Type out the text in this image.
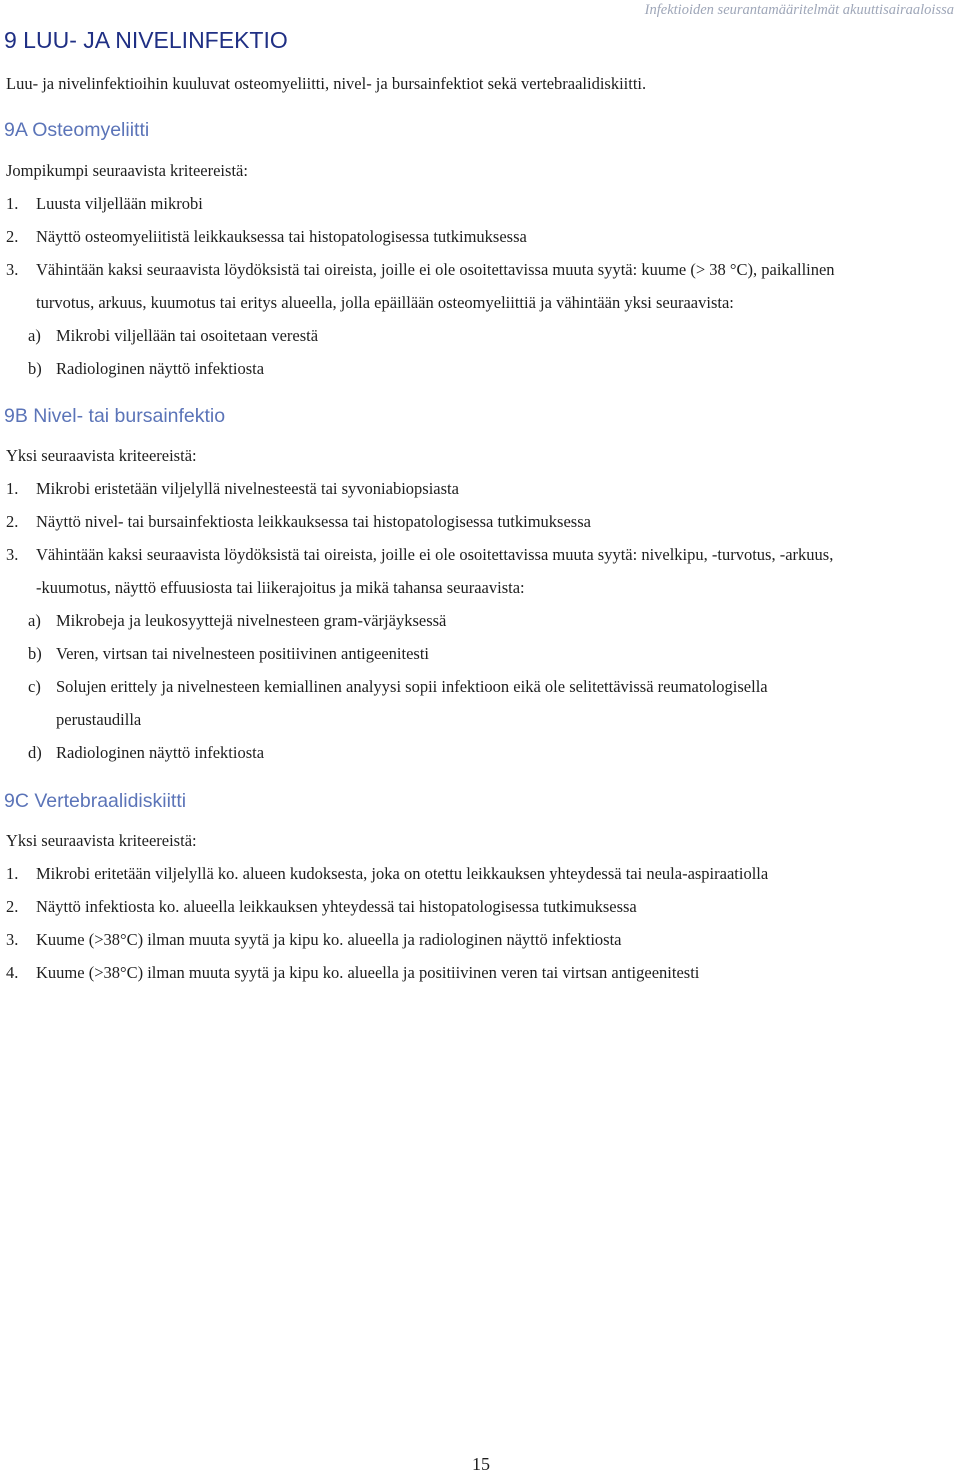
Infektioiden seurantamääritelmät akuuttisairaaloissa
9 LUU- JA NIVELINFEKTIO
Luu- ja nivelinfektioihin kuuluvat osteomyeliitti, nivel- ja bursainfektiot sekä vertebraalidiskiitti.
9A Osteomyeliitti
Jompikumpi seuraavista kriteereistä:
1. Luusta viljellään mikrobi
2. Näyttö osteomyeliitistä leikkauksessa tai histopatologisessa tutkimuksessa
3. Vähintään kaksi seuraavista löydöksistä tai oireista, joille ei ole osoitettavissa muuta syytä: kuume (> 38 °C), paikallinen
turvotus, arkuus, kuumotus tai eritys alueella, jolla epäillään osteomyeliittiä ja vähintään yksi seuraavista:
a) Mikrobi viljellään tai osoitetaan verestä
b) Radiologinen näyttö infektiosta
9B Nivel- tai bursainfektio
Yksi seuraavista kriteereistä:
1. Mikrobi eristetään viljelyllä nivelnesteestä tai syvoniabiopsiasta
2. Näyttö nivel- tai bursainfektiosta leikkauksessa tai histopatologisessa tutkimuksessa
3. Vähintään kaksi seuraavista löydöksistä tai oireista, joille ei ole osoitettavissa muuta syytä: nivelkipu, -turvotus, -arkuus,
-kuumotus, näyttö effuusiosta tai liikerajoitus ja mikä tahansa seuraavista:
a) Mikrobeja ja leukosyyttejä nivelnesteen gram-värjäyksessä
b) Veren, virtsan tai nivelnesteen positiivinen antigeenitesti
c) Solujen erittely ja nivelnesteen kemiallinen analyysi sopii infektioon eikä ole selitettävissä reumatologisella
perustaudilla
d) Radiologinen näyttö infektiosta
9C Vertebraalidiskiitti
Yksi seuraavista kriteereistä:
1. Mikrobi eritetään viljelyllä ko. alueen kudoksesta, joka on otettu leikkauksen yhteydessä tai neula-aspiraatiolla
2. Näyttö infektiosta ko. alueella leikkauksen yhteydessä tai histopatologisessa tutkimuksessa
3. Kuume (>38°C) ilman muuta syytä ja kipu ko. alueella ja radiologinen näyttö infektiosta
4. Kuume (>38°C) ilman muuta syytä ja kipu ko. alueella ja positiivinen veren tai virtsan antigeenitesti
15
